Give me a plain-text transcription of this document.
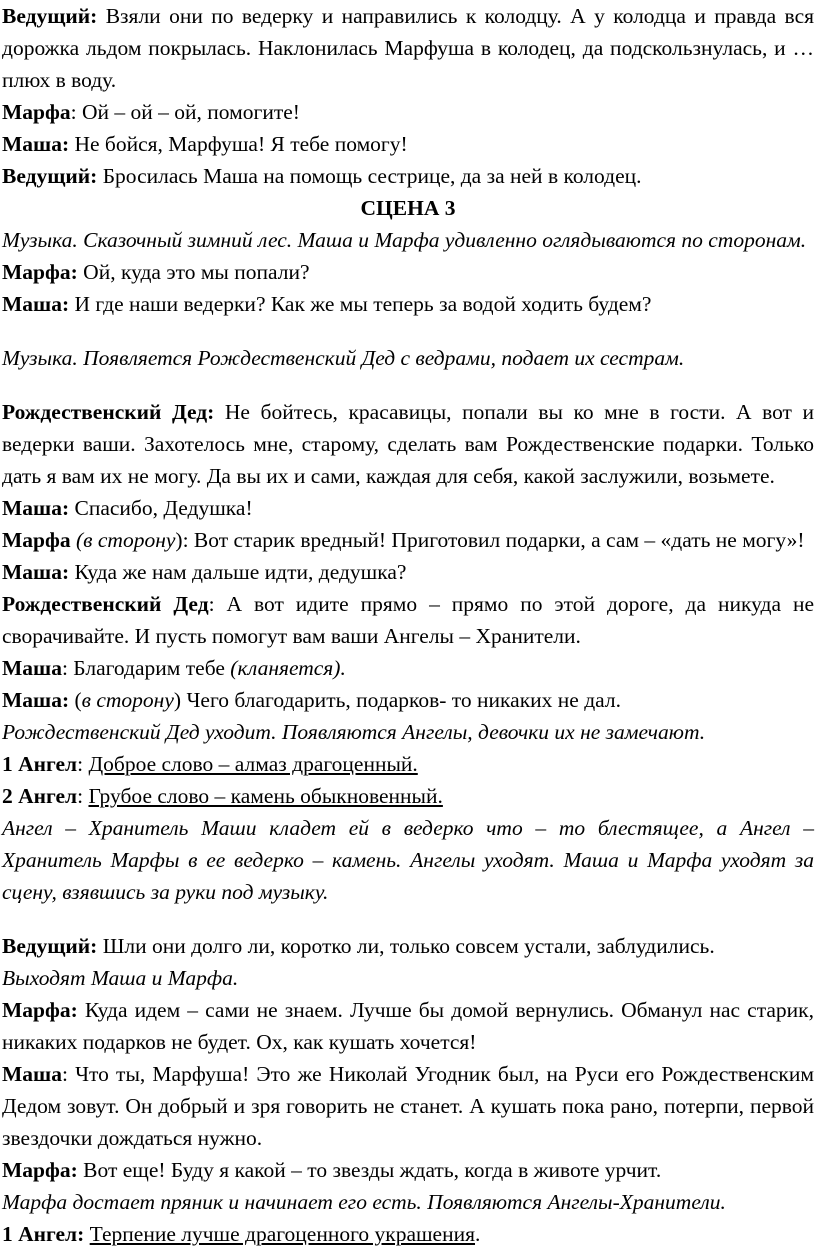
Ведущий: Взяли они по ведерку и направились к колодцу. А у колодца и правда вся дорожка льдом покрылась. Наклонилась Марфуша в колодец, да подскользнулась, и …плюх в воду.

Марфа: Ой – ой – ой, помогите!

Маша: Не бойся, Марфуша! Я тебе помогу!

Ведущий: Бросилась Маша на помощь сестрице, да за ней в колодец.

СЦЕНА 3

Музыка. Сказочный зимний лес. Маша и Марфа удивленно оглядываются по сторонам.

Марфа: Ой, куда это мы попали?

Маша: И где наши ведерки? Как же мы теперь за водой ходить будем?

Музыка. Появляется Рождественский Дед с ведрами, подает их сестрам.

Рождественский Дед: Не бойтесь, красавицы, попали вы ко мне в гости. А вот и ведерки ваши. Захотелось мне, старому, сделать вам Рождественские подарки. Только дать я вам их не могу. Да вы их и сами, каждая для себя, какой заслужили, возьмете.

Маша: Спасибо, Дедушка!

Марфа (в сторону): Вот старик вредный! Приготовил подарки, а сам – «дать не могу»!

Маша: Куда же нам дальше идти, дедушка?

Рождественский Дед: А вот идите прямо – прямо по этой дороге, да никуда не сворачивайте. И пусть помогут вам ваши Ангелы – Хранители.

Маша: Благодарим тебе (кланяется).

Маша: (в сторону) Чего благодарить, подарков- то никаких не дал.

Рождественский Дед уходит. Появляются Ангелы, девочки их не замечают.

1 Ангел: Доброе слово – алмаз драгоценный.

2 Ангел: Грубое слово – камень обыкновенный.

Ангел – Хранитель Маши кладет ей в ведерко что – то блестящее, а Ангел – Хранитель Марфы в ее ведерко – камень. Ангелы уходят. Маша и Марфа уходят за сцену, взявшись за руки под музыку.

Ведущий: Шли они долго ли, коротко ли, только совсем устали, заблудились.

Выходят Маша и Марфа.

Марфа: Куда идем – сами не знаем. Лучше бы домой вернулись. Обманул нас старик, никаких подарков не будет. Ох, как кушать хочется!

Маша: Что ты, Марфуша! Это же Николай Угодник был, на Руси его Рождественским Дедом зовут. Он добрый и зря говорить не станет. А кушать пока рано, потерпи, первой звездочки дождаться нужно.

Марфа: Вот еще! Буду я какой – то звезды ждать, когда в животе урчит.

Марфа достает пряник и начинает его есть. Появляются Ангелы-Хранители.

1 Ангел: Терпение лучше драгоценного украшения.
